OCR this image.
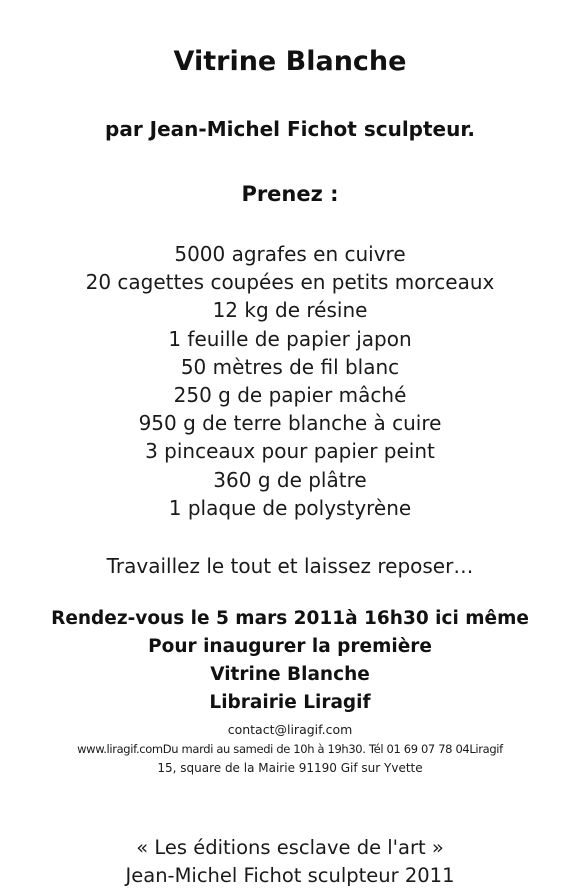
Vitrine Blanche
par Jean-Michel Fichot sculpteur.
Prenez :
5000 agrafes en cuivre
20 cagettes coupées en petits morceaux
12 kg de résine
1 feuille de papier japon
50 mètres de fil blanc
250 g de papier mâché
950 g de terre blanche à cuire
3 pinceaux pour papier peint
360 g de plâtre
1 plaque de polystyrène
Travaillez le tout et laissez reposer…
Rendez-vous le 5 mars 2011à 16h30 ici même
Pour inaugurer la première
Vitrine Blanche
Librairie Liragif
contact@liragif.com
www.liragif.comDu mardi au samedi de 10h à 19h30. Tél 01 69 07 78 04Liragif
15, square de la Mairie 91190 Gif sur Yvette
« Les éditions esclave de l'art »
Jean-Michel Fichot sculpteur 2011
